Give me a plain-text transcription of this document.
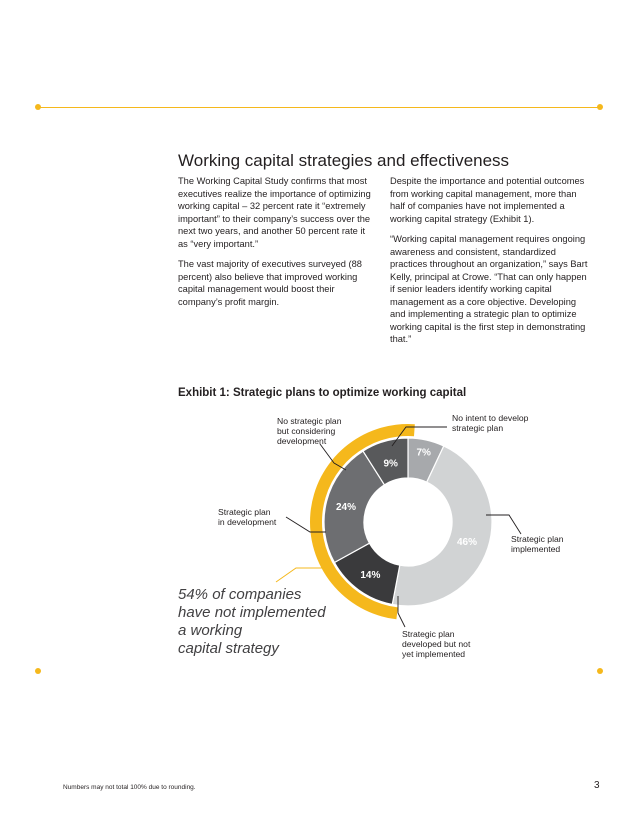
Working capital strategies and effectiveness

The Working Capital Study confirms that most executives realize the importance of optimizing working capital – 32 percent rate it “extremely important” to their company’s success over the next two years, and another 50 percent rate it as “very important.”

The vast majority of executives surveyed (88 percent) also believe that improved working capital management would boost their company’s profit margin.

Despite the importance and potential outcomes from working capital management, more than half of companies have not implemented a working capital strategy (Exhibit 1).

“Working capital management requires ongoing awareness and consistent, standardized practices throughout an organization,” says Bart Kelly, principal at Crowe. “That can only happen if senior leaders identify working capital management as a core objective. Developing and implementing a strategic plan to optimize working capital is the first step in demonstrating that.”

Exhibit 1: Strategic plans to optimize working capital
7%
46%
14%
24%
9%
No intent to develop
strategic plan
Strategic plan
implemented
Strategic plan
developed but not
yet implemented
Strategic plan
in development
No strategic plan
but considering
development
54% of companies
have not implemented
a working
capital strategy
Numbers may not total 100% due to rounding.	3
